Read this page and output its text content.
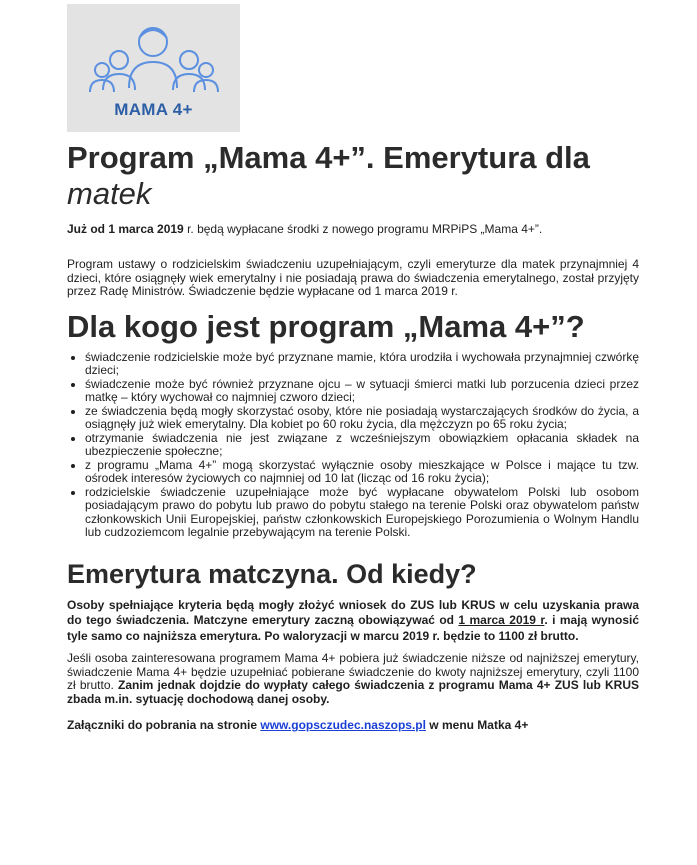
MAMA 4+
Program „Mama 4+”. Emerytura dla
matek

Już od 1 marca 2019 r. będą wypłacane środki z nowego programu MRPiPS „Mama 4+”.

Program ustawy o rodzicielskim świadczeniu uzupełniającym, czyli emeryturze dla matek przynajmniej 4 dzieci, które osiągnęły wiek emerytalny i nie posiadają prawa do świadczenia emerytalnego, został przyjęty przez Radę Ministrów. Świadczenie będzie wypłacane od 1 marca 2019 r.

Dla kogo jest program „Mama 4+”?
• świadczenie rodzicielskie może być przyznane mamie, która urodziła i wychowała przynajmniej czwórkę dzieci;
• świadczenie może być również przyznane ojcu – w sytuacji śmierci matki lub porzucenia dzieci przez matkę – który wychował co najmniej czworo dzieci;
• ze świadczenia będą mogły skorzystać osoby, które nie posiadają wystarczających środków do życia, a osiągnęły już wiek emerytalny. Dla kobiet po 60 roku życia, dla mężczyzn po 65 roku życia;
• otrzymanie świadczenia nie jest związane z wcześniejszym obowiązkiem opłacania składek na ubezpieczenie społeczne;
• z programu „Mama 4+” mogą skorzystać wyłącznie osoby mieszkające w Polsce i mające tu tzw. ośrodek interesów życiowych co najmniej od 10 lat (licząc od 16 roku życia);
• rodzicielskie świadczenie uzupełniające może być wypłacane obywatelom Polski lub osobom posiadającym prawo do pobytu lub prawo do pobytu stałego na terenie Polski oraz obywatelom państw członkowskich Unii Europejskiej, państw członkowskich Europejskiego Porozumienia o Wolnym Handlu lub cudzoziemcom legalnie przebywającym na terenie Polski.
Emerytura matczyna. Od kiedy?

Osoby spełniające kryteria będą mogły złożyć wniosek do ZUS lub KRUS w celu uzyskania prawa do tego świadczenia. Matczyne emerytury zaczną obowiązywać od 1 marca 2019 r. i mają wynosić tyle samo co najniższa emerytura. Po waloryzacji w marcu 2019 r. będzie to 1100 zł brutto.

Jeśli osoba zainteresowana programem Mama 4+ pobiera już świadczenie niższe od najniższej emerytury, świadczenie Mama 4+ będzie uzupełniać pobierane świadczenie do kwoty najniższej emerytury, czyli 1100 zł brutto. Zanim jednak dojdzie do wypłaty całego świadczenia z programu Mama 4+ ZUS lub KRUS zbada m.in. sytuację dochodową danej osoby.

Załączniki do pobrania na stronie www.gopsczudec.naszops.pl w menu Matka 4+
